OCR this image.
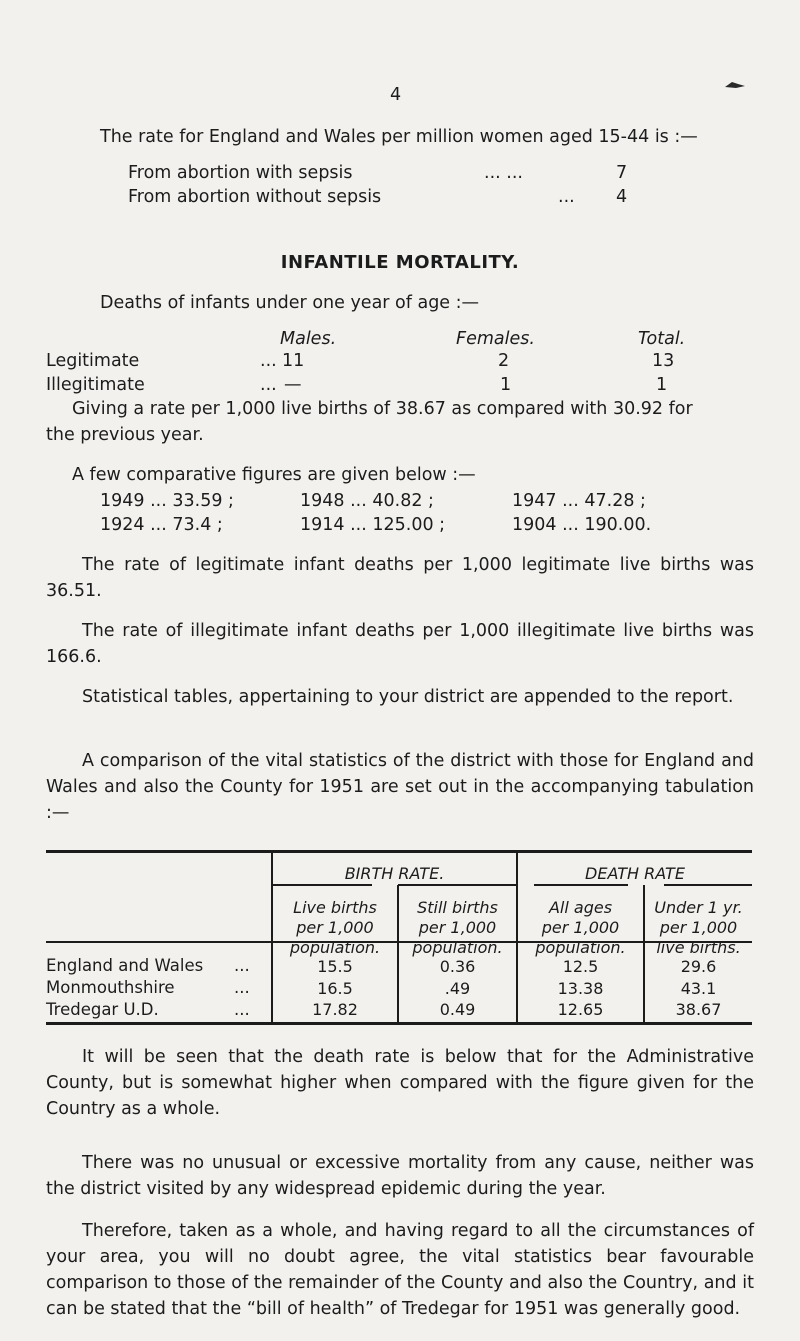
4
The rate for England and Wales per million women aged 15-44 is :—
From abortion with sepsis	... ...	7
From abortion without sepsis	... 4
INFANTILE MORTALITY.
Deaths of infants under one year of age :—
Males.	Females.	Total.
Legitimate	... 11	2	13
Illegitimate	... —	1	1
Giving a rate per 1,000 live births of 38.67 as compared with 30.92 for
the previous year.
A few comparative figures are given below :—
1949 ... 33.59 ;	1948 ... 40.82 ;	1947 ... 47.28 ;
1924 ... 73.4 ;	1914 ... 125.00 ;	1904 ... 190.00.
The rate of legitimate infant deaths per 1,000 legitimate live births was 36.51.
The rate of illegitimate infant deaths per 1,000 illegitimate live births was 166.6.
Statistical tables, appertaining to your district are appended to the report.
A comparison of the vital statistics of the district with those for England and Wales and also the County for 1951 are set out in the accompanying tabulation :—
BIRTH RATE.	DEATH RATE
Live births
per 1,000
population.
Still births
per 1,000
population.
All ages
per 1,000
population.
Under 1 yr.
per 1,000
live births.
England and Wales ...	15.5	0.36	12.5	29.6
Monmouthshire	...	16.5	.49	13.38	43.1
Tredegar U.D.	...	17.82	0.49	12.65	38.67
It will be seen that the death rate is below that for the Administrative County, but is somewhat higher when compared with the figure given for the Country as a whole.
There was no unusual or excessive mortality from any cause, neither was the district visited by any widespread epidemic during the year.
Therefore, taken as a whole, and having regard to all the circumstances of your area, you will no doubt agree, the vital statistics bear favourable comparison to those of the remainder of the County and also the Country, and it can be stated that the “bill of health” of Tredegar for 1951 was generally good.
